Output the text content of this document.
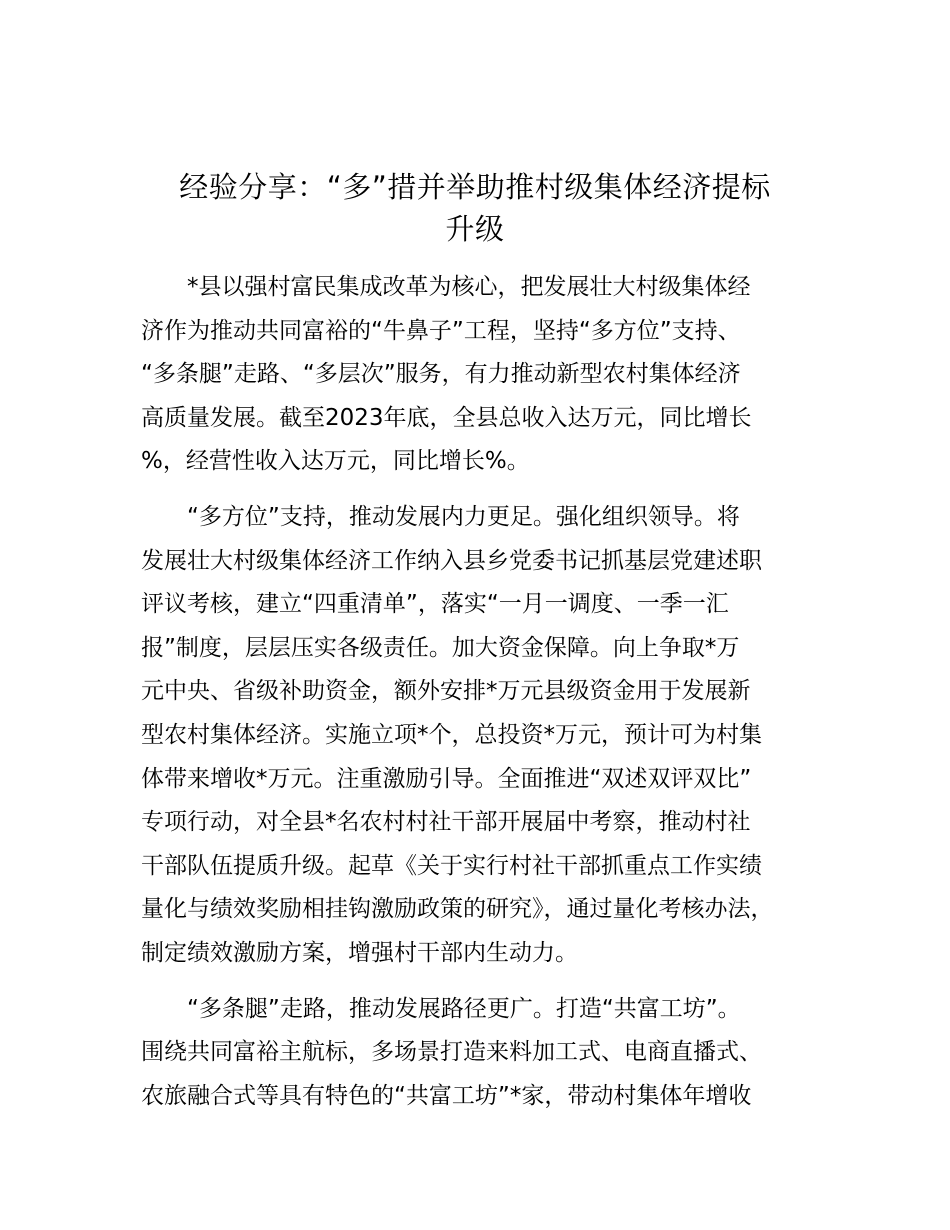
经验分享：“多”措并举助推村级集体经济提标
升级

*县以强村富民集成改革为核心，把发展壮大村级集体经
济作为推动共同富裕的“牛鼻子”工程，坚持“多方位”支持、
“多条腿”走路、“多层次”服务，有力推动新型农村集体经济
高质量发展。截至2023年底，全县总收入达万元，同比增长
%，经营性收入达万元，同比增长%。

“多方位”支持，推动发展内力更足。强化组织领导。将
发展壮大村级集体经济工作纳入县乡党委书记抓基层党建述职
评议考核，建立“四重清单”，落实“一月一调度、一季一汇
报”制度，层层压实各级责任。加大资金保障。向上争取*万
元中央、省级补助资金，额外安排*万元县级资金用于发展新
型农村集体经济。实施立项*个，总投资*万元，预计可为村集
体带来增收*万元。注重激励引导。全面推进“双述双评双比”
专项行动，对全县*名农村村社干部开展届中考察，推动村社
干部队伍提质升级。起草《关于实行村社干部抓重点工作实绩
量化与绩效奖励相挂钩激励政策的研究》，通过量化考核办法，
制定绩效激励方案，增强村干部内生动力。

“多条腿”走路，推动发展路径更广。打造“共富工坊”。
围绕共同富裕主航标，多场景打造来料加工式、电商直播式、
农旅融合式等具有特色的“共富工坊”*家，带动村集体年增收
